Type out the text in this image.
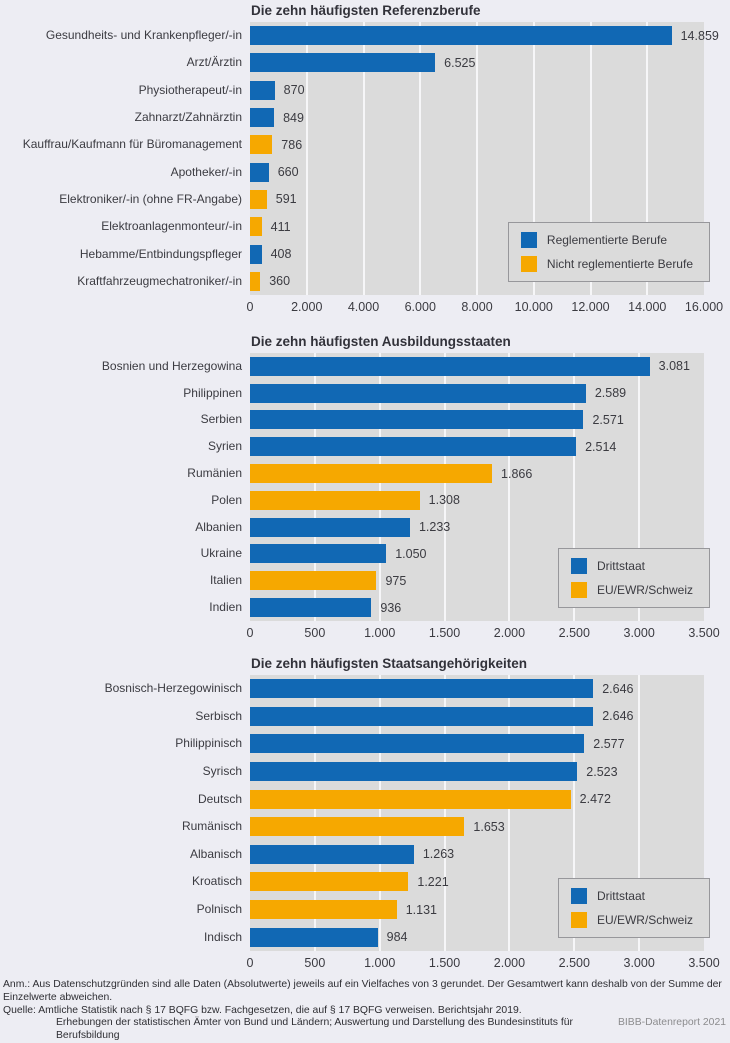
Die zehn häufigsten Referenzberufe
Gesundheits- und Krankenpfleger/-in	14.859
Arzt/Ärztin	6.525
Physiotherapeut/-in	870
Zahnarzt/Zahnärztin	849
Kauffrau/Kaufmann für Büromanagement	786
Apotheker/-in	660
Elektroniker/-in (ohne FR-Angabe)	591
Elektroanlagenmonteur/-in	411
Hebamme/Entbindungspfleger	408
Kraftfahrzeugmechatroniker/-in	360
Reglementierte Berufe
Nicht reglementierte Berufe
0	2.000 4.000 6.000 8.000 10.000 12.000 14.000 16.000
Die zehn häufigsten Ausbildungsstaaten
Bosnien und Herzegowina	3.081
Philippinen	2.589
Serbien	2.571
Syrien	2.514
Rumänien	1.866
Polen	1.308
Albanien	1.233
Ukraine	1.050
Italien	975
Indien	936
Drittstaat
EU/EWR/Schweiz
0	500	1.000	1.500	2.000	2.500	3.000	3.500
Die zehn häufigsten Staatsangehörigkeiten
Bosnisch-Herzegowinisch	2.646
Serbisch	2.646
Philippinisch	2.577
Syrisch	2.523
Deutsch	2.472
Rumänisch	1.653
Albanisch	1.263
Kroatisch	1.221
Polnisch	1.131
Indisch	984
Drittstaat
EU/EWR/Schweiz
0	500	1.000	1.500	2.000	2.500	3.000	3.500

Anm.: Aus Datenschutzgründen sind alle Daten (Absolutwerte) jeweils auf ein Vielfaches von 3 gerundet. Der Gesamtwert kann deshalb von der Summe der Einzelwerte abweichen.

Quelle: Amtliche Statistik nach § 17 BQFG bzw. Fachgesetzen, die auf § 17 BQFG verweisen. Berichtsjahr 2019.

Erhebungen der statistischen Ämter von Bund und Ländern; Auswertung und Darstellung des Bundesinstituts für Berufsbildung
BIBB-Datenreport 2021
